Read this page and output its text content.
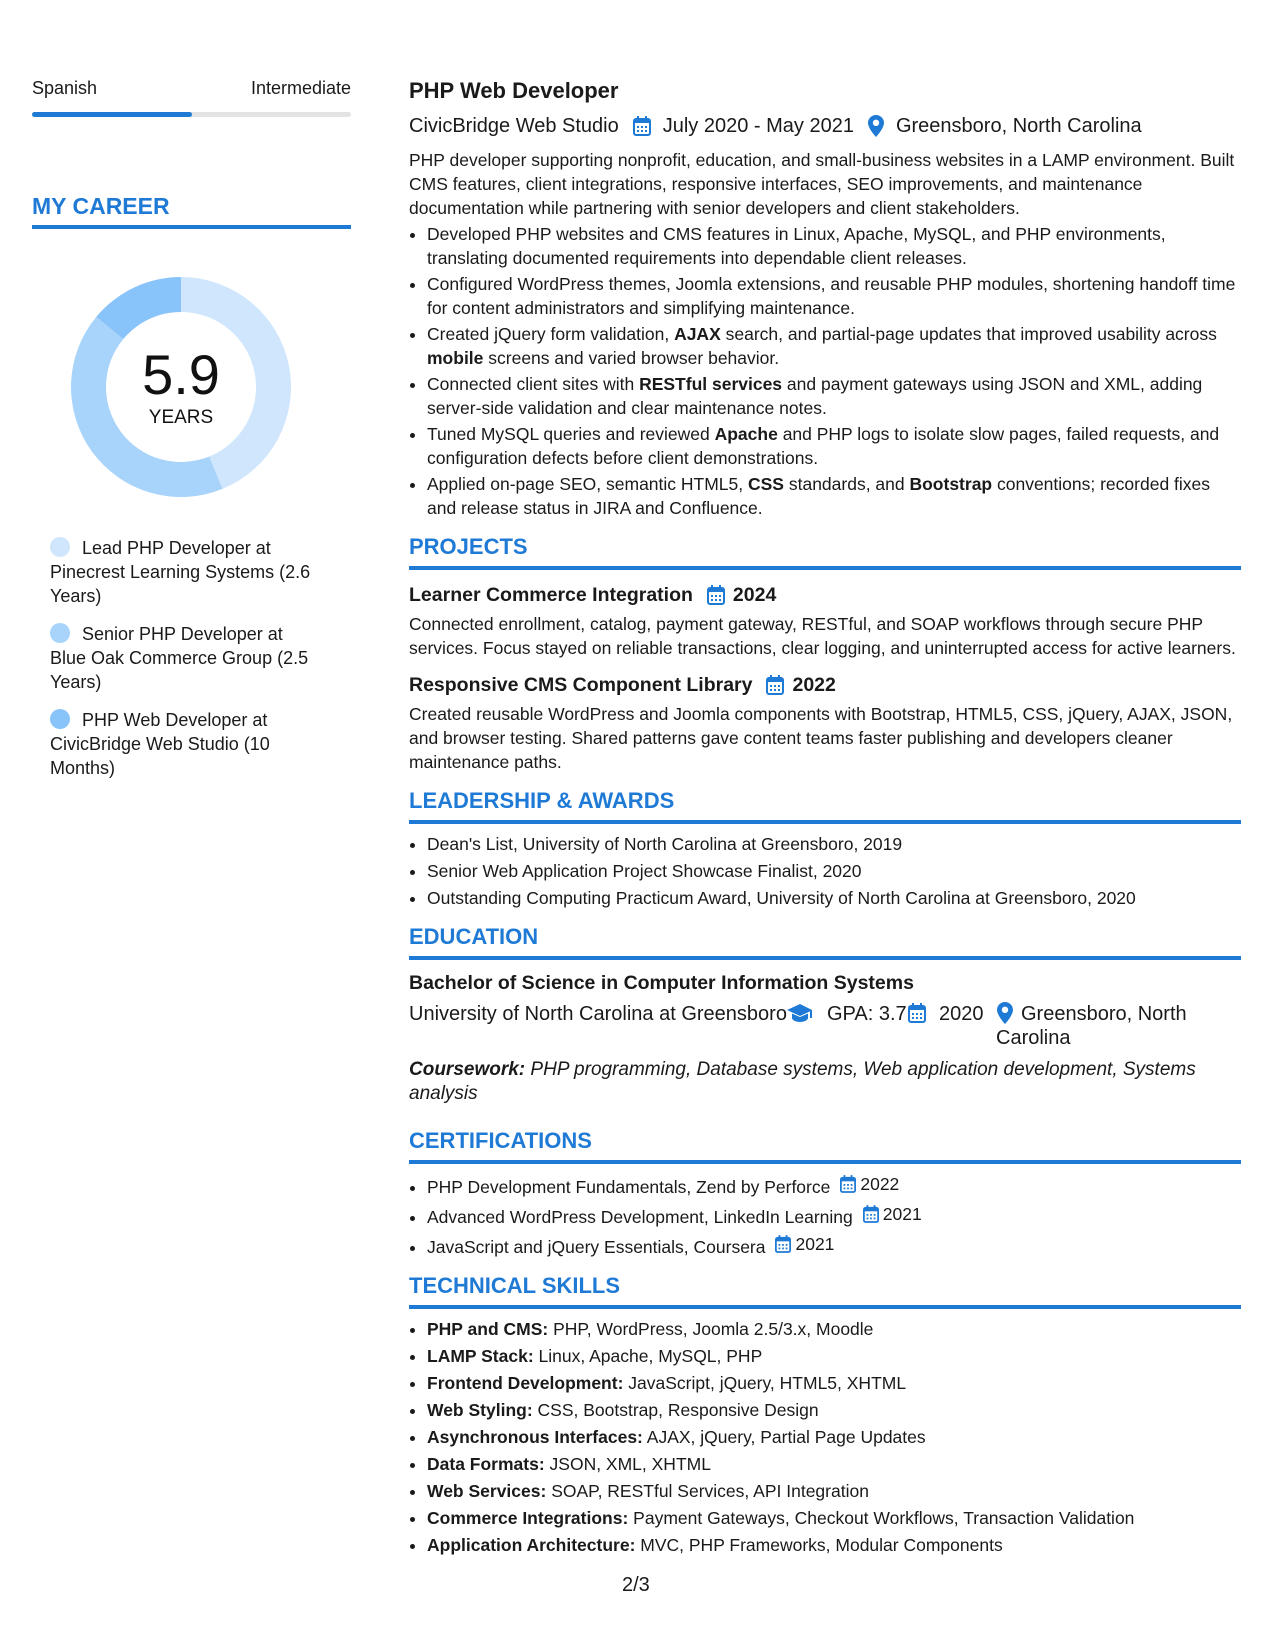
Spanish	Intermediate
MY CAREER
5.9
YEARS
Lead PHP Developer at Pinecrest Learning Systems (2.6 Years)
Senior PHP Developer at Blue Oak Commerce Group (2.5 Years)
PHP Web Developer at CivicBridge Web Studio (10 Months)
PHP Web Developer
CivicBridge Web Studio July 2020 - May 2021 Greensboro, North Carolina

PHP developer supporting nonprofit, education, and small-business websites in a LAMP environment. Built CMS features, client integrations, responsive interfaces, SEO improvements, and maintenance documentation while partnering with senior developers and client stakeholders.

• Developed PHP websites and CMS features in Linux, Apache, MySQL, and PHP environments, translating documented requirements into dependable client releases.
• Configured WordPress themes, Joomla extensions, and reusable PHP modules, shortening handoff time for content administrators and simplifying maintenance.
• Created jQuery form validation, AJAX search, and partial-page updates that improved usability across mobile screens and varied browser behavior.
• Connected client sites with RESTful services and payment gateways using JSON and XML, adding server-side validation and clear maintenance notes.
• Tuned MySQL queries and reviewed Apache and PHP logs to isolate slow pages, failed requests, and configuration defects before client demonstrations.
• Applied on-page SEO, semantic HTML5, CSS standards, and Bootstrap conventions; recorded fixes and release status in JIRA and Confluence.
PROJECTS
Learner Commerce Integration 2024

Connected enrollment, catalog, payment gateway, RESTful, and SOAP workflows through secure PHP services. Focus stayed on reliable transactions, clear logging, and uninterrupted access for active learners.

Responsive CMS Component Library 2022

Created reusable WordPress and Joomla components with Bootstrap, HTML5, CSS, jQuery, AJAX, JSON, and browser testing. Shared patterns gave content teams faster publishing and developers cleaner maintenance paths.

LEADERSHIP & AWARDS
• Dean's List, University of North Carolina at Greensboro, 2019
• Senior Web Application Project Showcase Finalist, 2020
• Outstanding Computing Practicum Award, University of North Carolina at Greensboro, 2020
EDUCATION
Bachelor of Science in Computer Information Systems
University of North Carolina at Greensboro GPA: 3.7 2020 Greensboro, North
Carolina
Coursework: PHP programming, Database systems, Web application development, Systems analysis
CERTIFICATIONS
• PHP Development Fundamentals, Zend by Perforce 2022
• Advanced WordPress Development, LinkedIn Learning 2021
• JavaScript and jQuery Essentials, Coursera 2021
TECHNICAL SKILLS
• PHP and CMS: PHP, WordPress, Joomla 2.5/3.x, Moodle
• LAMP Stack: Linux, Apache, MySQL, PHP
• Frontend Development: JavaScript, jQuery, HTML5, XHTML
• Web Styling: CSS, Bootstrap, Responsive Design
• Asynchronous Interfaces: AJAX, jQuery, Partial Page Updates
• Data Formats: JSON, XML, XHTML
• Web Services: SOAP, RESTful Services, API Integration
• Commerce Integrations: Payment Gateways, Checkout Workflows, Transaction Validation
• Application Architecture: MVC, PHP Frameworks, Modular Components
2/3
